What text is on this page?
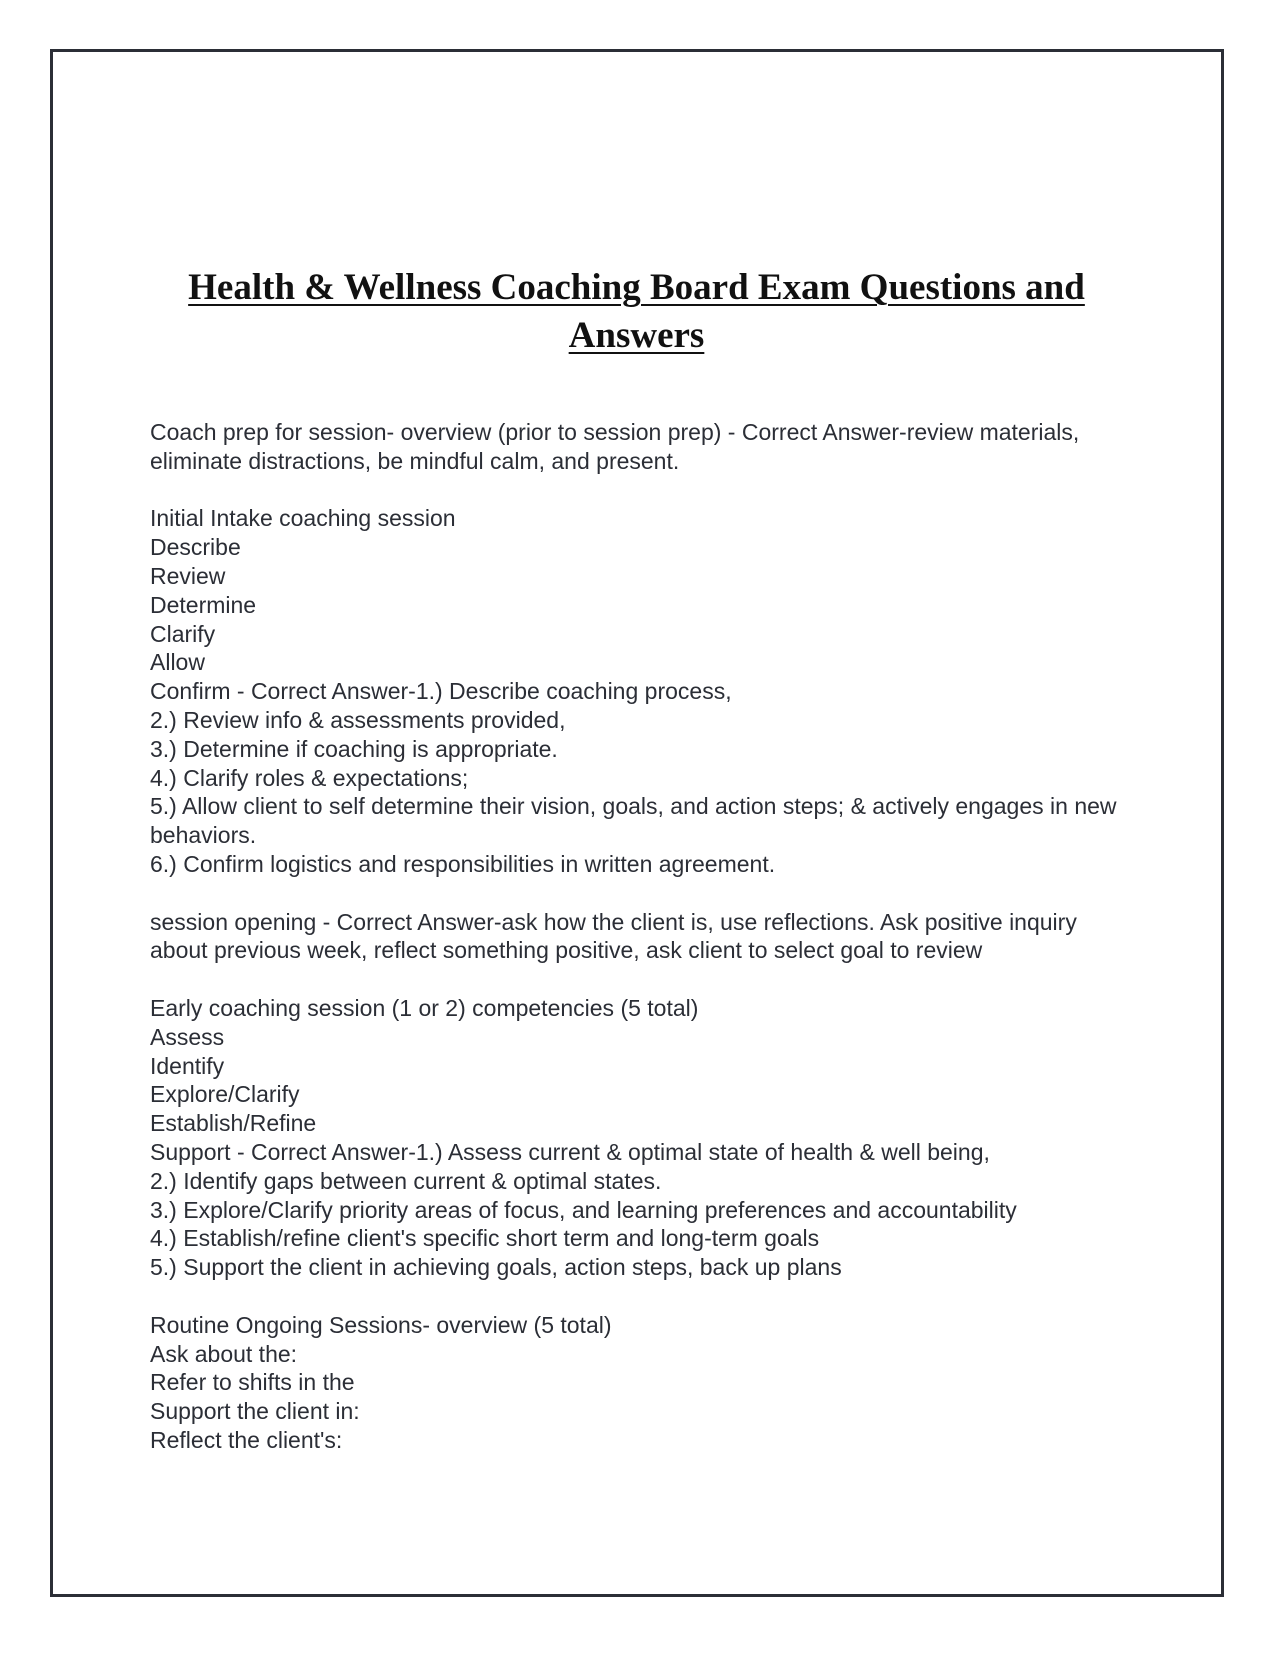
Health & Wellness Coaching Board Exam Questions and Answers
Coach prep for session- overview (prior to session prep) - Correct Answer-review materials, eliminate distractions, be mindful calm, and present.
Initial Intake coaching session
Describe
Review
Determine
Clarify
Allow
Confirm - Correct Answer-1.) Describe coaching process,
2.) Review info & assessments provided,
3.) Determine if coaching is appropriate.
4.) Clarify roles & expectations;
5.) Allow client to self determine their vision, goals, and action steps; & actively engages in new behaviors.
6.) Confirm logistics and responsibilities in written agreement.
session opening - Correct Answer-ask how the client is, use reflections. Ask positive inquiry about previous week, reflect something positive, ask client to select goal to review
Early coaching session (1 or 2) competencies (5 total)
Assess
Identify
Explore/Clarify
Establish/Refine
Support - Correct Answer-1.) Assess current & optimal state of health & well being,
2.) Identify gaps between current & optimal states.
3.) Explore/Clarify priority areas of focus, and learning preferences and accountability
4.) Establish/refine client's specific short term and long-term goals
5.) Support the client in achieving goals, action steps, back up plans
Routine Ongoing Sessions- overview (5 total)
Ask about the:
Refer to shifts in the
Support the client in:
Reflect the client's:
